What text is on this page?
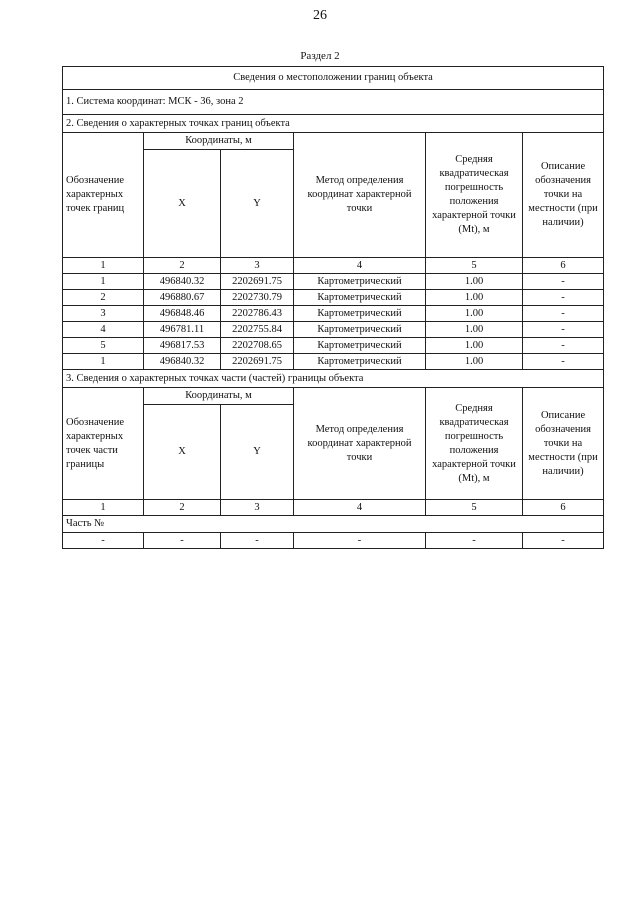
26
Раздел 2
Сведения о местоположении границ объекта					
1. Система координат: МСК - 36, зона 2					
2. Сведения о характерных точках границ объекта					
Обозначение характерных точек границ	Координаты, м		Метод определения координат характерной точки	Средняя квадратическая погрешность положения характерной точки (Mt), м	Описание обозначения точки на местности (при наличии)
	X	Y			
1	2	3	4	5	6
1	496840.32	2202691.75	Картометрический	1.00	-
2	496880.67	2202730.79	Картометрический	1.00	-
3	496848.46	2202786.43	Картометрический	1.00	-
4	496781.11	2202755.84	Картометрический	1.00	-
5	496817.53	2202708.65	Картометрический	1.00	-
1	496840.32	2202691.75	Картометрический	1.00	-
3. Сведения о характерных точках части (частей) границы объекта					
Обозначение характерных точек части границы	Координаты, м		Метод определения координат характерной точки	Средняя квадратическая погрешность положения характерной точки (Mt), м	Описание обозначения точки на местности (при наличии)
	X	Y			
1	2	3	4	5	6
Часть №					
-	-	-	-	-	-
